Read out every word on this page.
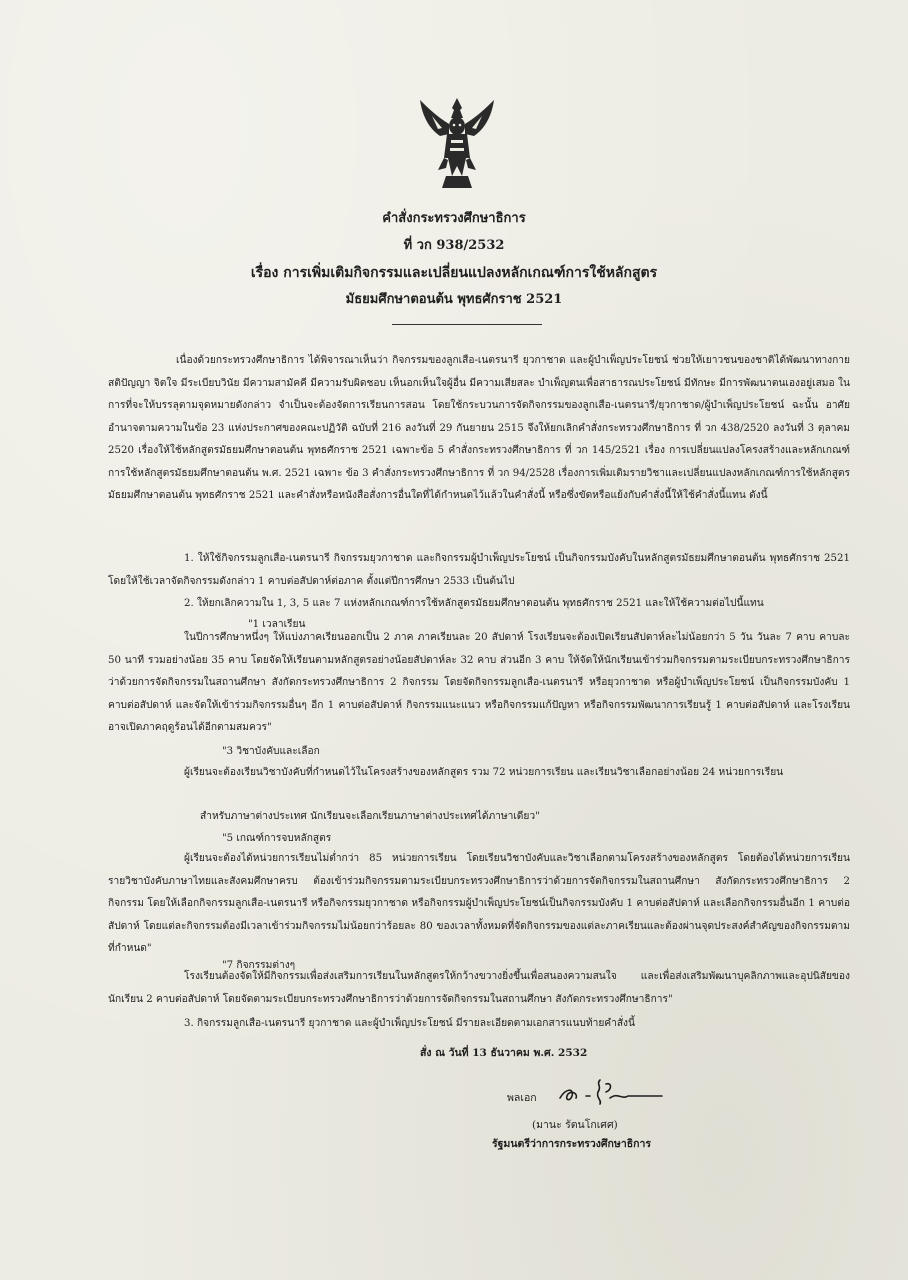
คำสั่งกระทรวงศึกษาธิการ
ที่ วก 938/2532
เรื่อง การเพิ่มเติมกิจกรรมและเปลี่ยนแปลงหลักเกณฑ์การใช้หลักสูตร
มัธยมศึกษาตอนต้น พุทธศักราช 2521
เนื่องด้วยกระทรวงศึกษาธิการ ได้พิจารณาเห็นว่า กิจกรรมของลูกเสือ-เนตรนารี ยุวกาชาด และผู้บำเพ็ญประโยชน์ ช่วยให้เยาวชนของชาติได้พัฒนาทางกาย สติปัญญา จิตใจ มีระเบียบวินัย มีความสามัคคี มีความรับผิดชอบ เห็นอกเห็นใจผู้อื่น มีความเสียสละ บำเพ็ญตนเพื่อสาธารณประโยชน์ มีทักษะ มีการพัฒนาตนเองอยู่เสมอ ในการที่จะให้บรรลุตามจุดหมายดังกล่าว จำเป็นจะต้องจัดการเรียนการสอน โดยใช้กระบวนการจัดกิจกรรมของลูกเสือ-เนตรนารี/ยุวกาชาด/ผู้บำเพ็ญประโยชน์ ฉะนั้น อาศัยอำนาจตามความในข้อ 23 แห่งประกาศของคณะปฏิวัติ ฉบับที่ 216 ลงวันที่ 29 กันยายน 2515 จึงให้ยกเลิกคำสั่งกระทรวงศึกษาธิการ ที่ วก 438/2520 ลงวันที่ 3 ตุลาคม 2520 เรื่องให้ใช้หลักสูตรมัธยมศึกษาตอนต้น พุทธศักราช 2521 เฉพาะข้อ 5 คำสั่งกระทรวงศึกษาธิการ ที่ วก 145/2521 เรื่อง การเปลี่ยนแปลงโครงสร้างและหลักเกณฑ์การใช้หลักสูตรมัธยมศึกษาตอนต้น พ.ศ. 2521 เฉพาะ ข้อ 3 คำสั่งกระทรวงศึกษาธิการ ที่ วก 94/2528 เรื่องการเพิ่มเติมรายวิชาและเปลี่ยนแปลงหลักเกณฑ์การใช้หลักสูตรมัธยมศึกษาตอนต้น พุทธศักราช 2521 และคำสั่งหรือหนังสือสั่งการอื่นใดที่ได้กำหนดไว้แล้วในคำสั่งนี้ หรือซึ่งขัดหรือแย้งกับคำสั่งนี้ให้ใช้คำสั่งนี้แทน ดังนี้
1. ให้ใช้กิจกรรมลูกเสือ-เนตรนารี กิจกรรมยุวกาชาด และกิจกรรมผู้บำเพ็ญประโยชน์ เป็นกิจกรรมบังคับในหลักสูตรมัธยมศึกษาตอนต้น พุทธศักราช 2521 โดยให้ใช้เวลาจัดกิจกรรมดังกล่าว 1 คาบต่อสัปดาห์ต่อภาค ตั้งแต่ปีการศึกษา 2533 เป็นต้นไป
2. ให้ยกเลิกความใน 1, 3, 5 และ 7 แห่งหลักเกณฑ์การใช้หลักสูตรมัธยมศึกษาตอนต้น พุทธศักราช 2521 และให้ใช้ความต่อไปนี้แทน
"1 เวลาเรียน
ในปีการศึกษาหนึ่งๆ ให้แบ่งภาคเรียนออกเป็น 2 ภาค ภาคเรียนละ 20 สัปดาห์ โรงเรียนจะต้องเปิดเรียนสัปดาห์ละไม่น้อยกว่า 5 วัน วันละ 7 คาบ คาบละ 50 นาที รวมอย่างน้อย 35 คาบ โดยจัดให้เรียนตามหลักสูตรอย่างน้อยสัปดาห์ละ 32 คาบ ส่วนอีก 3 คาบ ให้จัดให้นักเรียนเข้าร่วมกิจกรรมตามระเบียบกระทรวงศึกษาธิการว่าด้วยการจัดกิจกรรมในสถานศึกษา สังกัดกระทรวงศึกษาธิการ 2 กิจกรรม โดยจัดกิจกรรมลูกเสือ-เนตรนารี หรือยุวกาชาด หรือผู้บำเพ็ญประโยชน์ เป็นกิจกรรมบังคับ 1 คาบต่อสัปดาห์ และจัดให้เข้าร่วมกิจกรรมอื่นๆ อีก 1 คาบต่อสัปดาห์ กิจกรรมแนะแนว หรือกิจกรรมแก้ปัญหา หรือกิจกรรมพัฒนาการเรียนรู้ 1 คาบต่อสัปดาห์ และโรงเรียนอาจเปิดภาคฤดูร้อนได้อีกตามสมควร"
"3 วิชาบังคับและเลือก
ผู้เรียนจะต้องเรียนวิชาบังคับที่กำหนดไว้ในโครงสร้างของหลักสูตร รวม 72 หน่วยการเรียน และเรียนวิชาเลือกอย่างน้อย 24 หน่วยการเรียน
สำหรับภาษาต่างประเทศ นักเรียนจะเลือกเรียนภาษาต่างประเทศได้ภาษาเดียว"
"5 เกณฑ์การจบหลักสูตร
ผู้เรียนจะต้องได้หน่วยการเรียนไม่ต่ำกว่า 85 หน่วยการเรียน โดยเรียนวิชาบังคับและวิชาเลือกตามโครงสร้างของหลักสูตร โดยต้องได้หน่วยการเรียนรายวิชาบังคับภาษาไทยและสังคมศึกษาครบ ต้องเข้าร่วมกิจกรรมตามระเบียบกระทรวงศึกษาธิการว่าด้วยการจัดกิจกรรมในสถานศึกษา สังกัดกระทรวงศึกษาธิการ 2 กิจกรรม โดยให้เลือกกิจกรรมลูกเสือ-เนตรนารี หรือกิจกรรมยุวกาชาด หรือกิจกรรมผู้บำเพ็ญประโยชน์เป็นกิจกรรมบังคับ 1 คาบต่อสัปดาห์ และเลือกกิจกรรมอื่นอีก 1 คาบต่อสัปดาห์ โดยแต่ละกิจกรรมต้องมีเวลาเข้าร่วมกิจกรรมไม่น้อยกว่าร้อยละ 80 ของเวลาทั้งหมดที่จัดกิจกรรมของแต่ละภาคเรียนและต้องผ่านจุดประสงค์สำคัญของกิจกรรมตามที่กำหนด"
"7 กิจกรรมต่างๆ
โรงเรียนต้องจัดให้มีกิจกรรมเพื่อส่งเสริมการเรียนในหลักสูตรให้กว้างขวางยิ่งขึ้นเพื่อสนองความสนใจ และเพื่อส่งเสริมพัฒนาบุคลิกภาพและอุปนิสัยของนักเรียน 2 คาบต่อสัปดาห์ โดยจัดตามระเบียบกระทรวงศึกษาธิการว่าด้วยการจัดกิจกรรมในสถานศึกษา สังกัดกระทรวงศึกษาธิการ"
3. กิจกรรมลูกเสือ-เนตรนารี ยุวกาชาด และผู้บำเพ็ญประโยชน์ มีรายละเอียดตามเอกสารแนบท้ายคำสั่งนี้
สั่ง ณ วันที่ 13 ธันวาคม พ.ศ. 2532
พลเอก
(มานะ รัตนโกเศศ)
รัฐมนตรีว่าการกระทรวงศึกษาธิการ
